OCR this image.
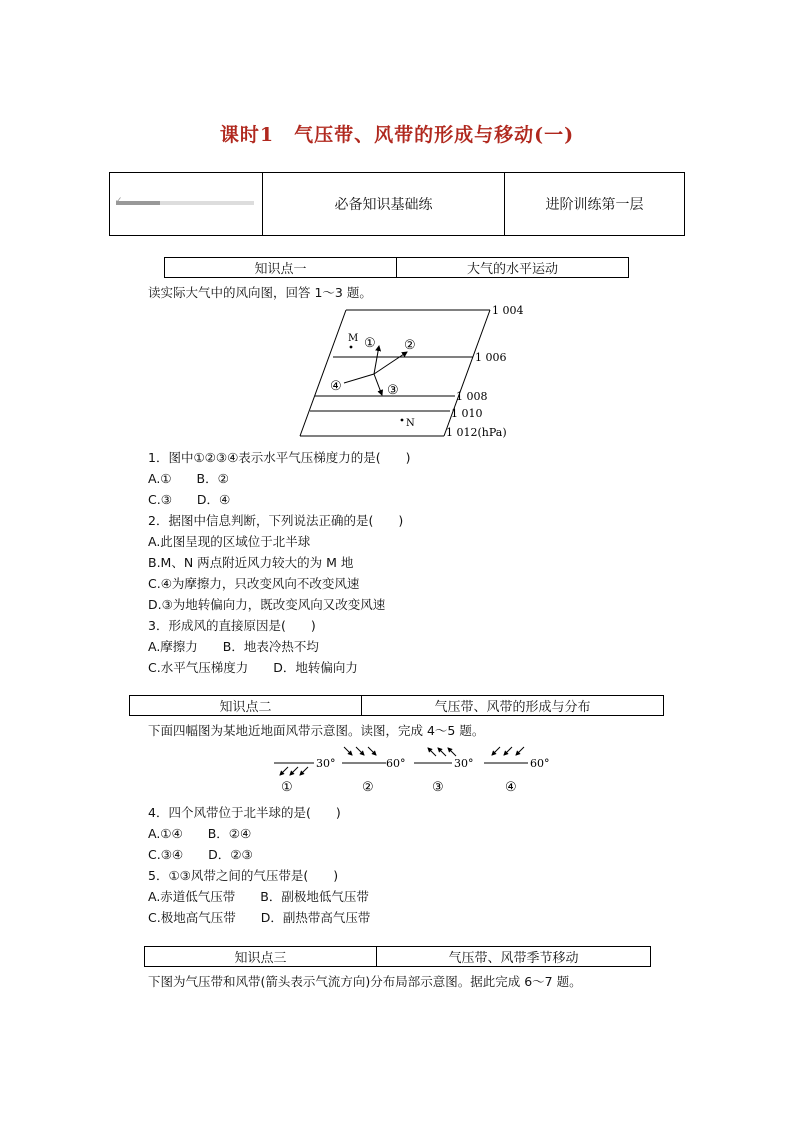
课时1　气压带、风带的形成与移动(一)
✓	必备知识基础练	进阶训练第一层
知识点一	大气的水平运动
读实际大气中的风向图，回答 1～3 题。
1 004
1 006
1 008
1 010
1 012(hPa)
M
N
① ②
③
④
1．图中①②③④表示水平气压梯度力的是(　　)
A.①　　B．②
C.③　　D．④
2．据图中信息判断，下列说法正确的是(　　)
A.此图呈现的区域位于北半球
B.M、N 两点附近风力较大的为 M 地
C.④为摩擦力，只改变风向不改变风速
D.③为地转偏向力，既改变风向又改变风速
3．形成风的直接原因是(　　)
A.摩擦力　　B．地表冷热不均
C.水平气压梯度力　　D．地转偏向力
知识点二	气压带、风带的形成与分布
下面四幅图为某地近地面风带示意图。读图，完成 4～5 题。
30°	60°	30°	60°
①	②	③	④
4．四个风带位于北半球的是(　　)
A.①④　　B．②④
C.③④　　D．②③
5．①③风带之间的气压带是(　　)
A.赤道低气压带　　B．副极地低气压带
C.极地高气压带　　D．副热带高气压带
知识点三	气压带、风带季节移动
下图为气压带和风带(箭头表示气流方向)分布局部示意图。据此完成 6～7 题。
